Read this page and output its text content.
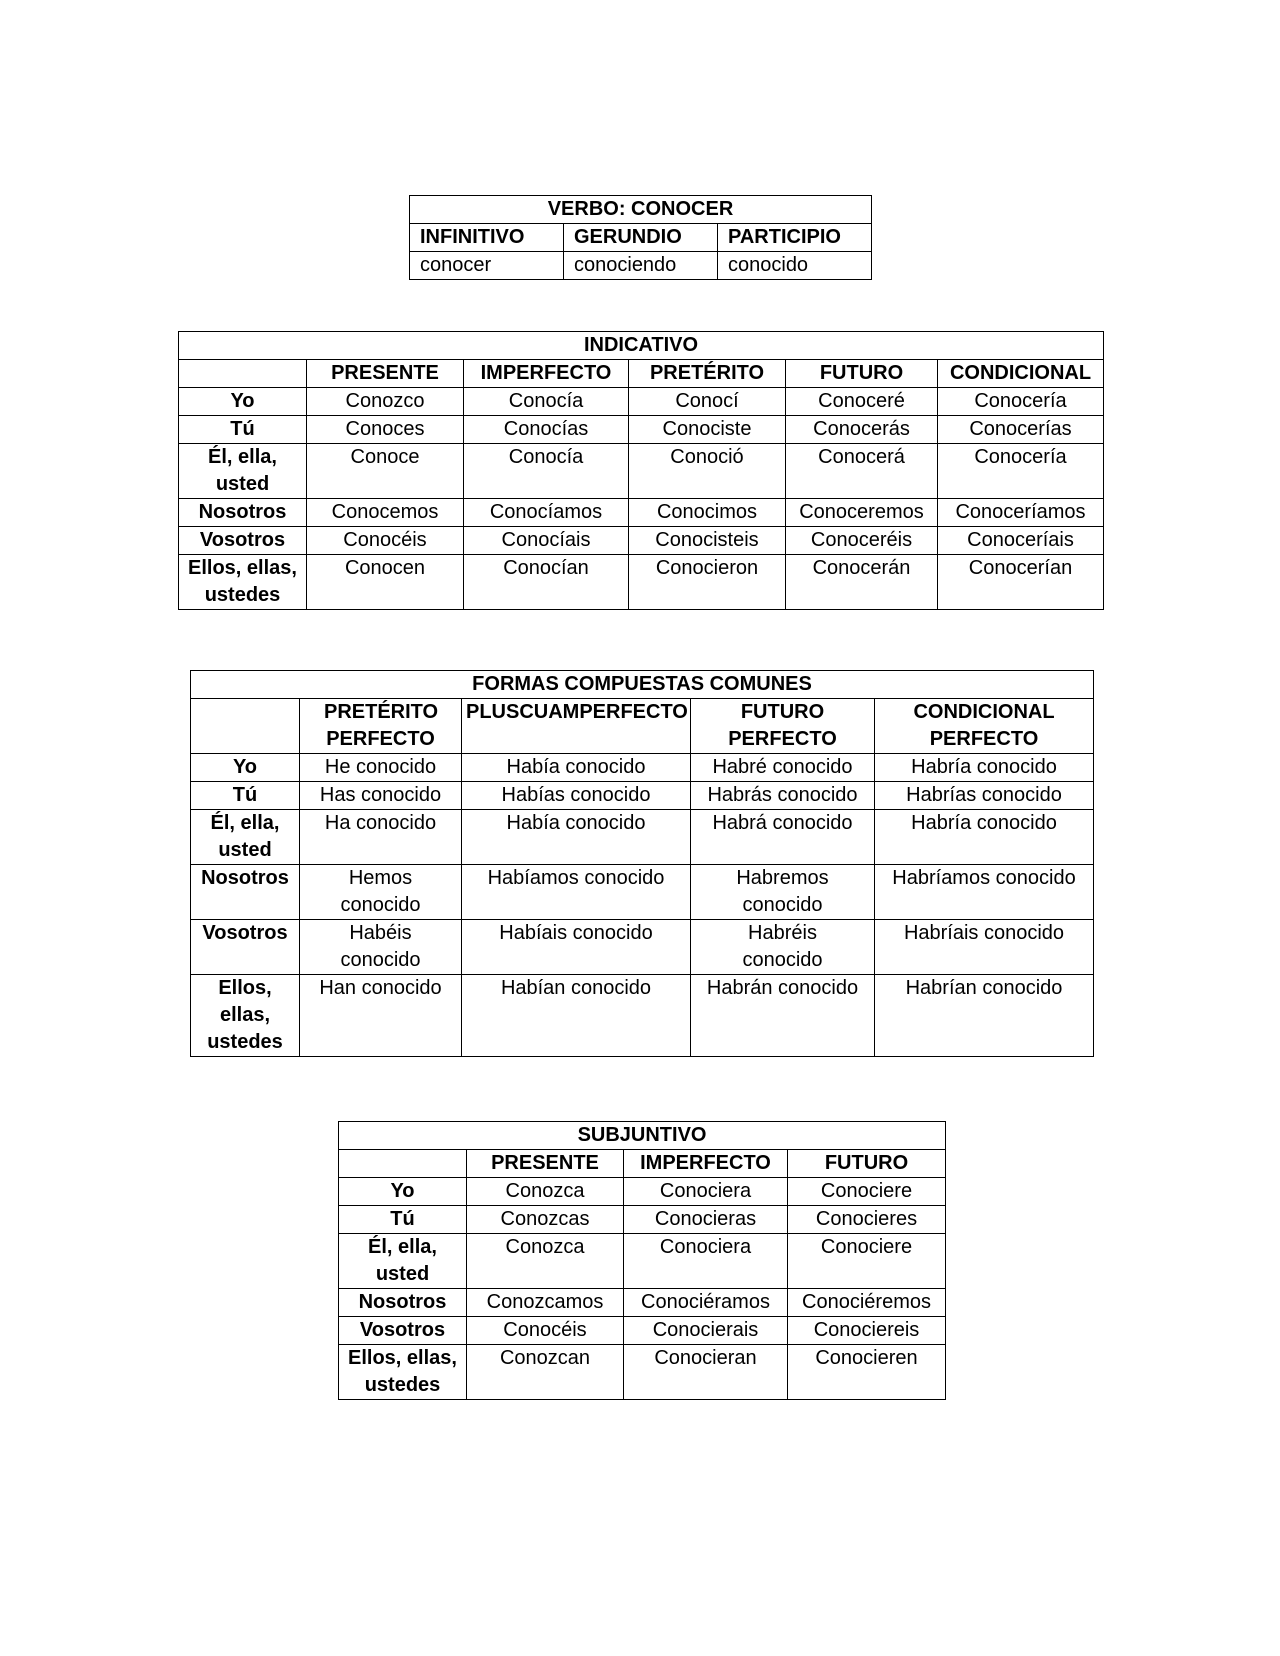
VERBO: CONOCER		
INFINITIVO	GERUNDIO	PARTICIPIO
conocer	conociendo	conocido
INDICATIVO					
	PRESENTE	IMPERFECTO	PRETÉRITO	FUTURO	CONDICIONAL
Yo	Conozco	Conocía	Conocí	Conoceré	Conocería
Tú	Conoces	Conocías	Conociste	Conocerás	Conocerías
Él, ella, usted	Conoce	Conocía	Conoció	Conocerá	Conocería
Nosotros	Conocemos	Conocíamos	Conocimos	Conoceremos	Conoceríamos
Vosotros	Conocéis	Conocíais	Conocisteis	Conoceréis	Conoceríais
Ellos, ellas, ustedes	Conocen	Conocían	Conocieron	Conocerán	Conocerían
FORMAS COMPUESTAS COMUNES				
	PRETÉRITO PERFECTO	PLUSCUAMPERFECTO	FUTURO PERFECTO	CONDICIONAL PERFECTO
Yo	He conocido	Había conocido	Habré conocido	Habría conocido
Tú	Has conocido	Habías conocido	Habrás conocido	Habrías conocido
Él, ella, usted	Ha conocido	Había conocido	Habrá conocido	Habría conocido
Nosotros	Hemos conocido	Habíamos conocido	Habremos conocido	Habríamos conocido
Vosotros	Habéis conocido	Habíais conocido	Habréis conocido	Habríais conocido
Ellos, ellas, ustedes	Han conocido	Habían conocido	Habrán conocido	Habrían conocido
SUBJUNTIVO			
	PRESENTE	IMPERFECTO	FUTURO
Yo	Conozca	Conociera	Conociere
Tú	Conozcas	Conocieras	Conocieres
Él, ella, usted	Conozca	Conociera	Conociere
Nosotros	Conozcamos	Conociéramos	Conociéremos
Vosotros	Conocéis	Conocierais	Conociereis
Ellos, ellas, ustedes	Conozcan	Conocieran	Conocieren
